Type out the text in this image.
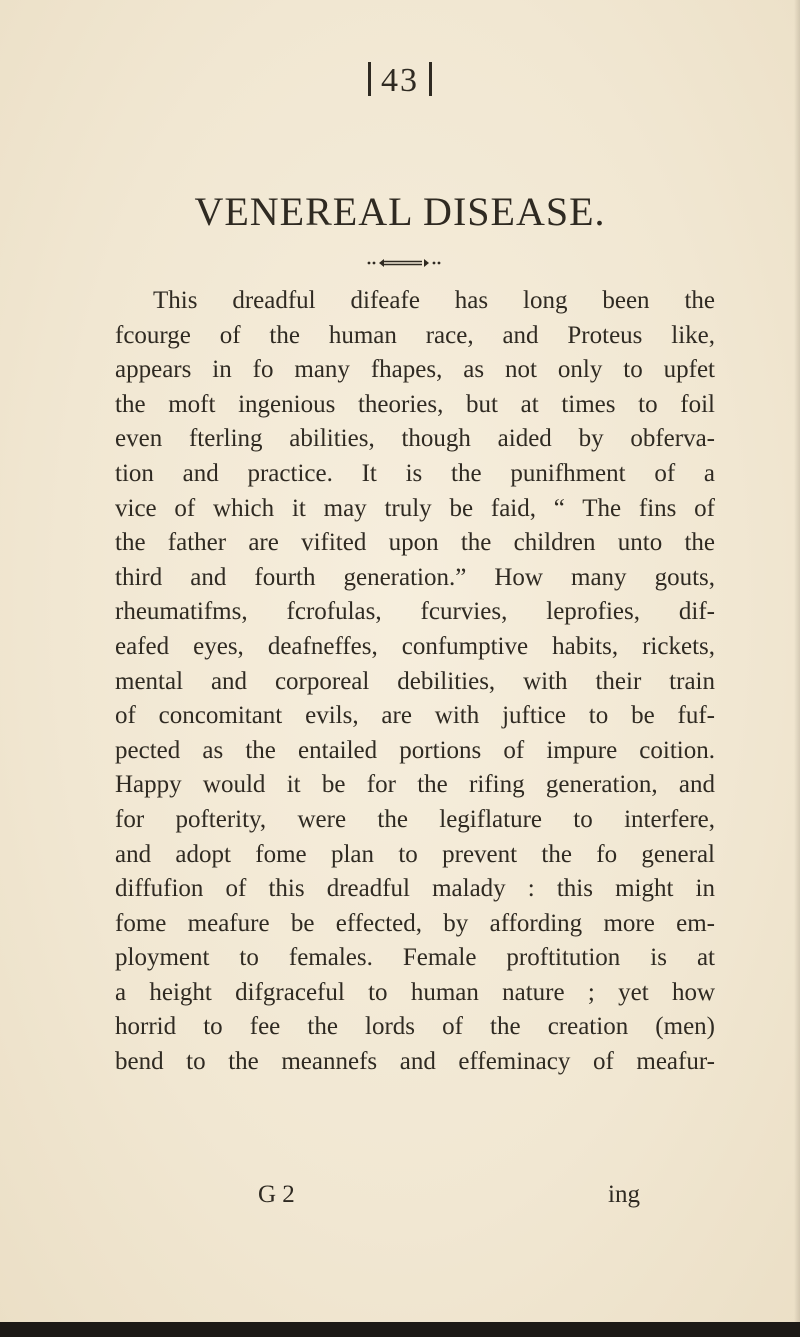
43
VENEREAL DISEASE.
This dreadful difeafe has long been the
fcourge of the human race, and Proteus like,
appears in fo many fhapes, as not only to upfet
the moft ingenious theories, but at times to foil
even fterling abilities, though aided by obferva-
tion and practice. It is the punifhment of a
vice of which it may truly be faid, “ The fins of
the father are vifited upon the children unto the
third and fourth generation.” How many gouts,
rheumatifms, fcrofulas, fcurvies, leprofies, dif-
eafed eyes, deafneffes, confumptive habits, rickets,
mental and corporeal debilities, with their train
of concomitant evils, are with juftice to be fuf-
pected as the entailed portions of impure coition.
Happy would it be for the rifing generation, and
for pofterity, were the legiflature to interfere,
and adopt fome plan to prevent the fo general
diffufion of this dreadful malady : this might in
fome meafure be effected, by affording more em-
ployment to females. Female proftitution is at
a height difgraceful to human nature ; yet how
horrid to fee the lords of the creation (men)
bend to the meannefs and effeminacy of meafur-
G 2	ing
